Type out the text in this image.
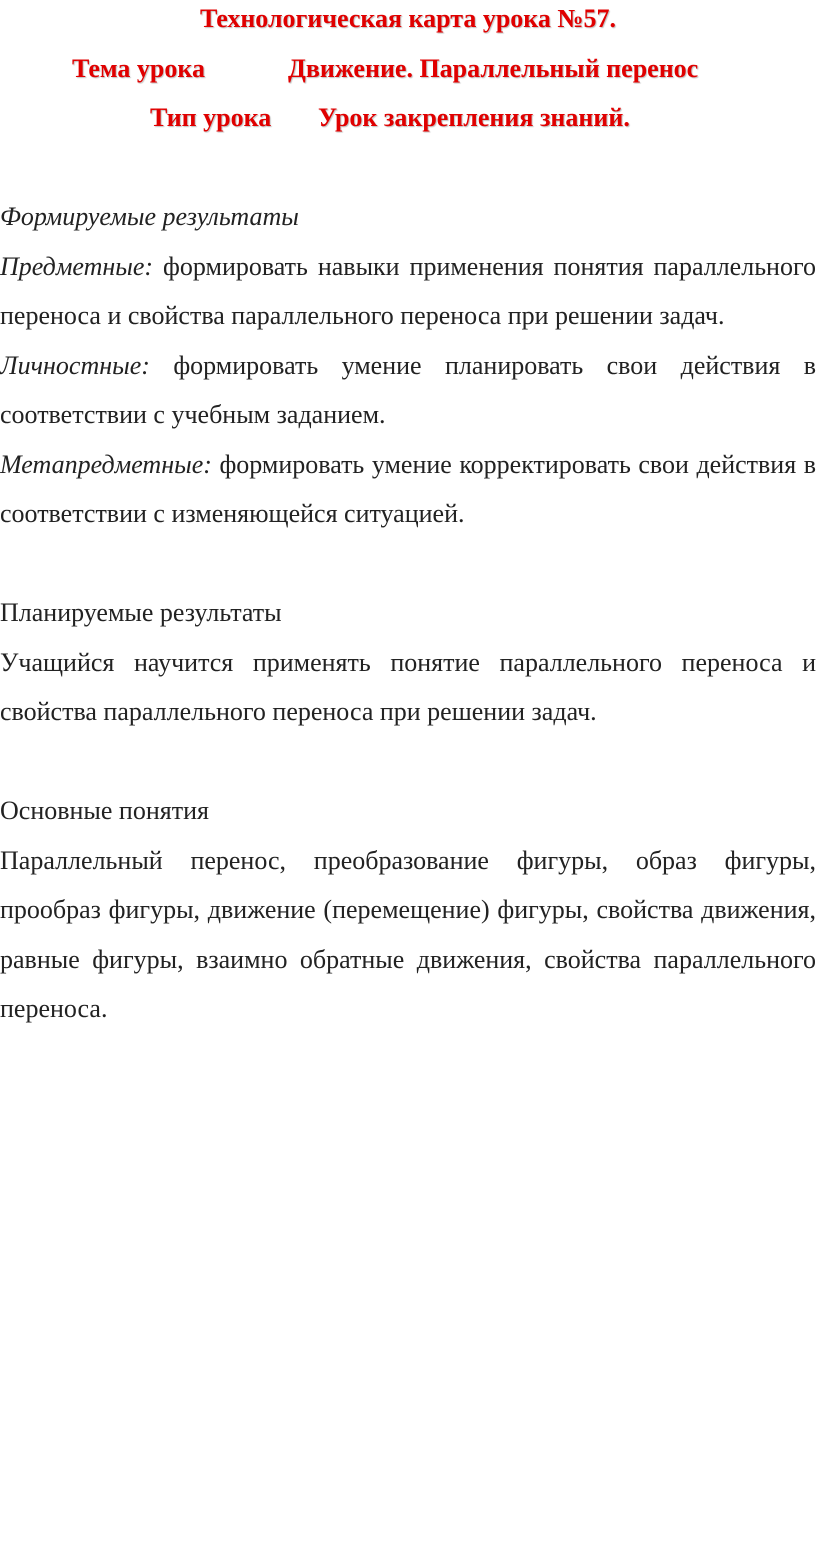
Технологическая карта урока №57.
Тема урока	Движение. Параллельный перенос
Тип урока Урок закрепления знаний.

Формируемые результаты

Предметные: формировать навыки применения понятия параллельного переноса и свойства параллельного переноса при решении задач.

Личностные: формировать умение планировать свои действия в соответствии с учебным заданием.

Метапредметные: формировать умение корректировать свои действия в соответствии с изменяющейся ситуацией.

Планируемые результаты

Учащийся научится применять понятие параллельного переноса и свойства параллельного переноса при решении задач.

Основные понятия

Параллельный перенос, преобразование фигуры, образ фигуры, прообраз фигуры, движение (перемещение) фигуры, свойства движения, равные фигуры, взаимно обратные движения, свойства параллельного переноса.
